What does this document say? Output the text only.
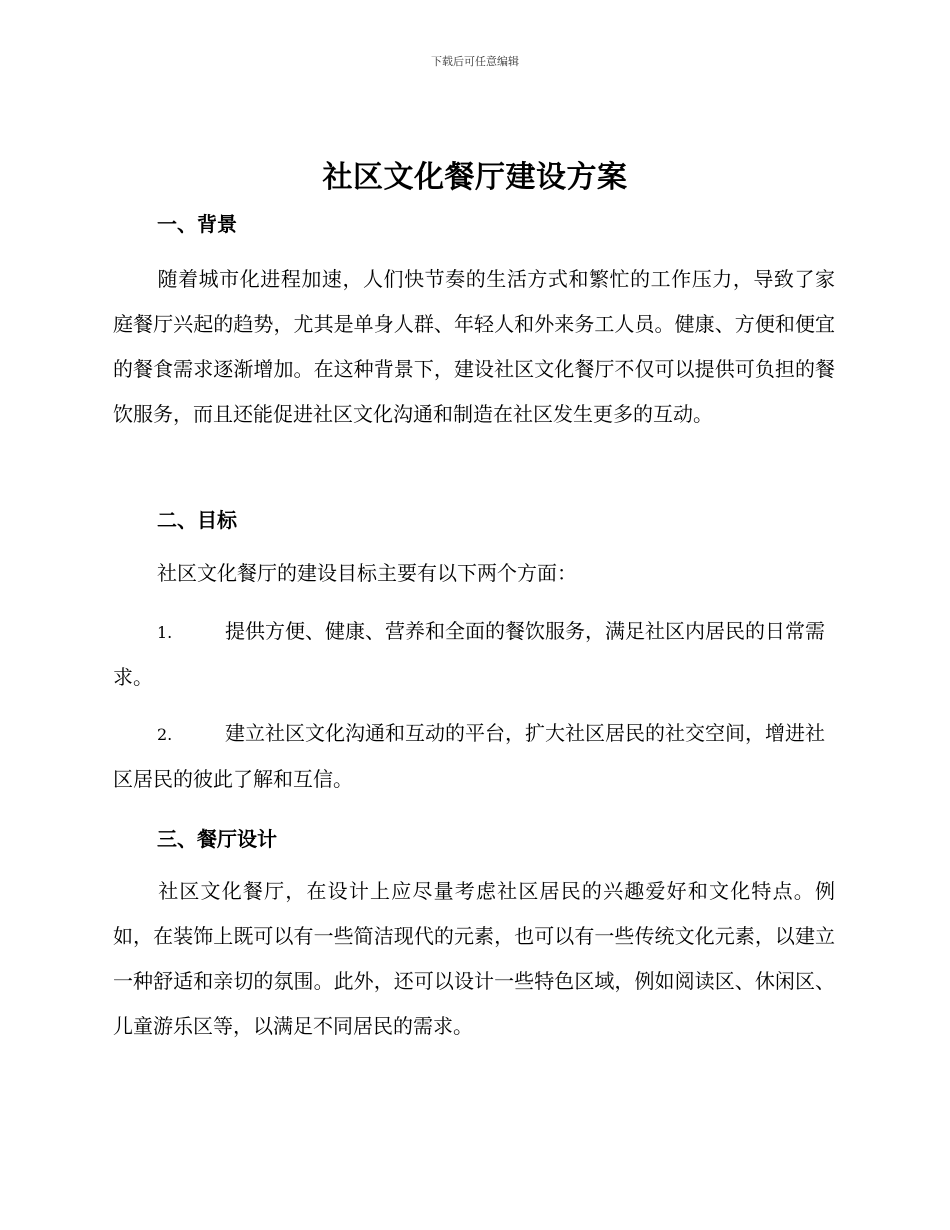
下载后可任意编辑
社区文化餐厅建设方案
一、背景
随着城市化进程加速，人们快节奏的生活方式和繁忙的工作压力，导致了家庭餐厅兴起的趋势，尤其是单身人群、年轻人和外来务工人员。健康、方便和便宜的餐食需求逐渐增加。在这种背景下，建设社区文化餐厅不仅可以提供可负担的餐饮服务，而且还能促进社区文化沟通和制造在社区发生更多的互动。
二、目标
社区文化餐厅的建设目标主要有以下两个方面：
1.	提供方便、健康、营养和全面的餐饮服务，满足社区内居民的日常需求。
2.	建立社区文化沟通和互动的平台，扩大社区居民的社交空间，增进社区居民的彼此了解和互信。
三、餐厅设计
社区文化餐厅，在设计上应尽量考虑社区居民的兴趣爱好和文化特点。例如，在装饰上既可以有一些简洁现代的元素，也可以有一些传统文化元素，以建立一种舒适和亲切的氛围。此外，还可以设计一些特色区域，例如阅读区、休闲区、儿童游乐区等，以满足不同居民的需求。
